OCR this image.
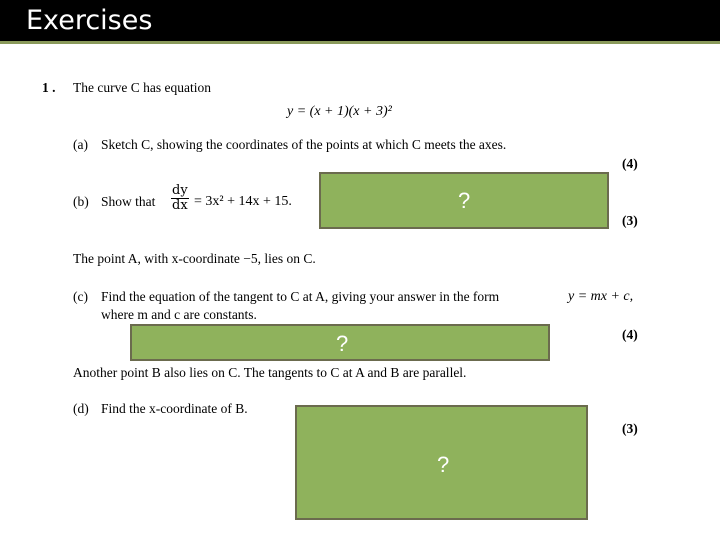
Exercises
1 . The curve C has equation
y = (x + 1)(x + 3)²
(a) Sketch C, showing the coordinates of the points at which C meets the axes.
(4)
(b) Show that $\frac{dy}{dx} = 3x^2 + 14x + 15$.
(3)
The point A, with x-coordinate −5, lies on C.
(c) Find the equation of the tangent to C at A, giving your answer in the form	y = mx + c,
where m and c are constants.
(4)
Another point B also lies on C. The tangents to C at A and B are parallel.
(d) Find the x-coordinate of B.
(3)
?
?
?
